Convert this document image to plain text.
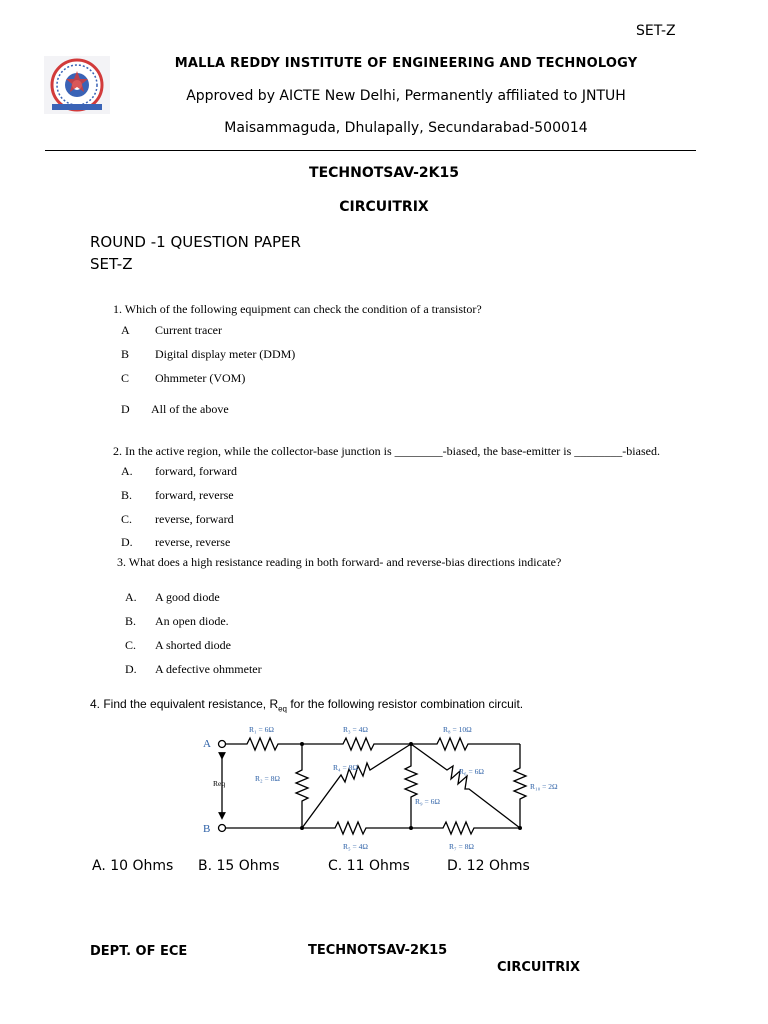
SET-Z
MALLA REDDY INSTITUTE OF ENGINEERING AND TECHNOLOGY
Approved by AICTE New Delhi, Permanently affiliated to JNTUH
Maisammaguda, Dhulapally, Secundarabad-500014
TECHNOTSAV-2K15
CIRCUITRIX
ROUND -1 QUESTION PAPER
SET-Z
1. Which of the following equipment can check the condition of a transistor?
A Current tracer
B Digital display meter (DDM)
C Ohmmeter (VOM)
D All of the above
2. In the active region, while the collector-base junction is ________-biased, the base-emitter is ________-biased.
A. forward, forward
B. forward, reverse
C. reverse, forward
D. reverse, reverse
3. What does a high resistance reading in both forward- and reverse-bias directions indicate?
A. A good diode
B. An open diode.
C. A shorted diode
D. A defective ohmmeter
4. Find the equivalent resistance, $R_{eq}$ for the following resistor combination circuit.
A
B
Req
R₁ = 6Ω
R₂ = 8Ω
R₃ = 4Ω
R₄ = 8Ω
R₅ = 4Ω
R₆ = 6Ω
R₇ = 8Ω
R₈ = 10Ω
R₉ = 6Ω
R₁₀ = 2Ω
A. 10 Ohms B. 15 Ohms	C. 11 Ohms	D. 12 Ohms
DEPT. OF ECE	TECHNOTSAV-2K15
CIRCUITRIX
